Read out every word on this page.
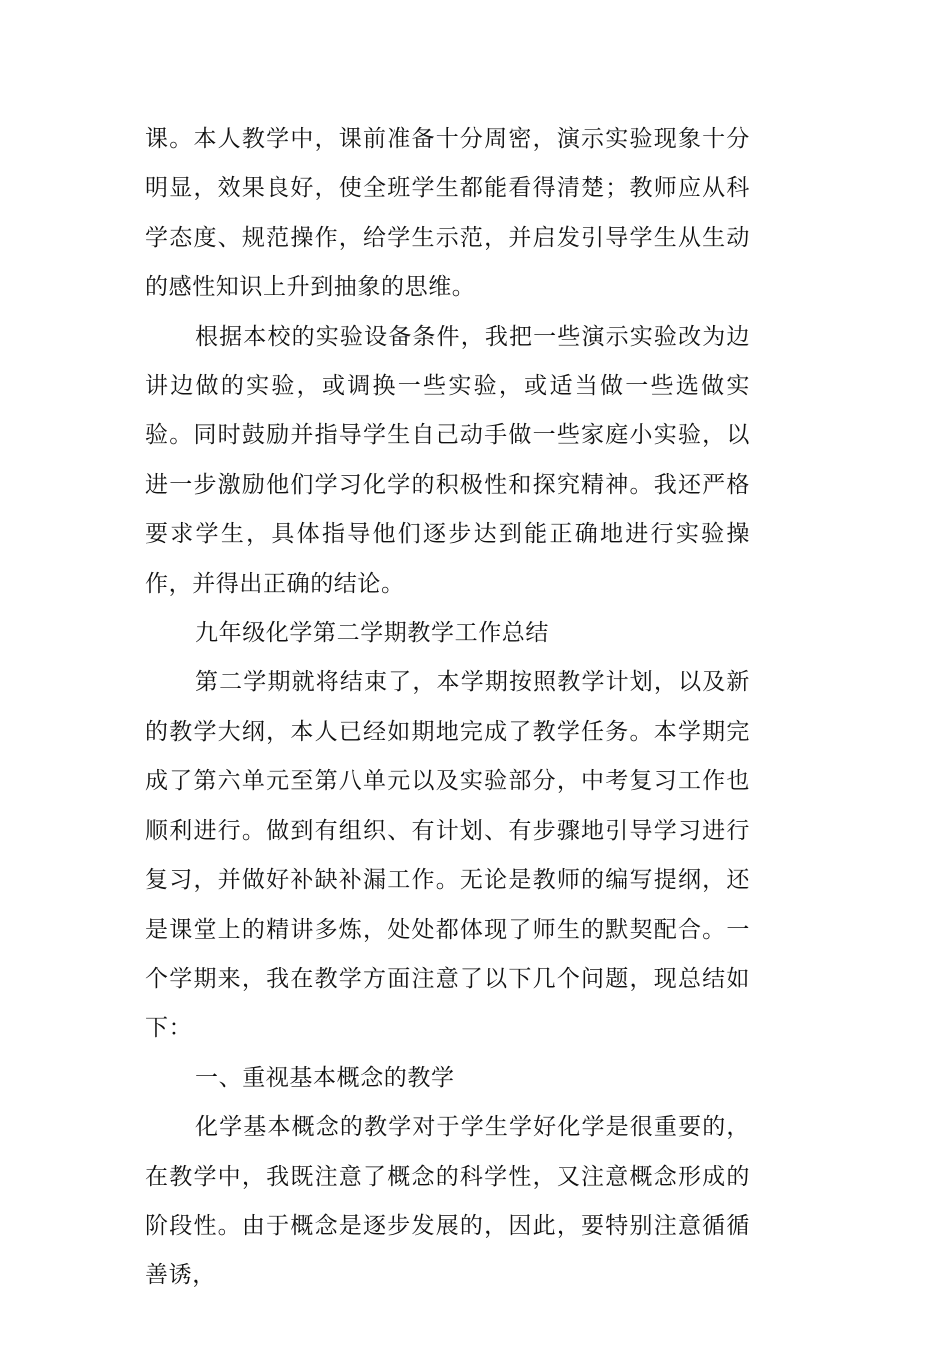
课。本人教学中，课前准备十分周密，演示实验现象十分明显，效果良好，使全班学生都能看得清楚；教师应从科学态度、规范操作，给学生示范，并启发引导学生从生动的感性知识上升到抽象的思维。

根据本校的实验设备条件，我把一些演示实验改为边讲边做的实验，或调换一些实验，或适当做一些选做实验。同时鼓励并指导学生自己动手做一些家庭小实验，以进一步激励他们学习化学的积极性和探究精神。我还严格要求学生，具体指导他们逐步达到能正确地进行实验操作，并得出正确的结论。

九年级化学第二学期教学工作总结

第二学期就将结束了，本学期按照教学计划，以及新的教学大纲，本人已经如期地完成了教学任务。本学期完成了第六单元至第八单元以及实验部分，中考复习工作也顺利进行。做到有组织、有计划、有步骤地引导学习进行复习，并做好补缺补漏工作。无论是教师的编写提纲，还是课堂上的精讲多炼，处处都体现了师生的默契配合。一个学期来，我在教学方面注意了以下几个问题，现总结如下：

一、重视基本概念的教学

化学基本概念的教学对于学生学好化学是很重要的，在教学中，我既注意了概念的科学性，又注意概念形成的阶段性。由于概念是逐步发展的，因此，要特别注意循循善诱，
